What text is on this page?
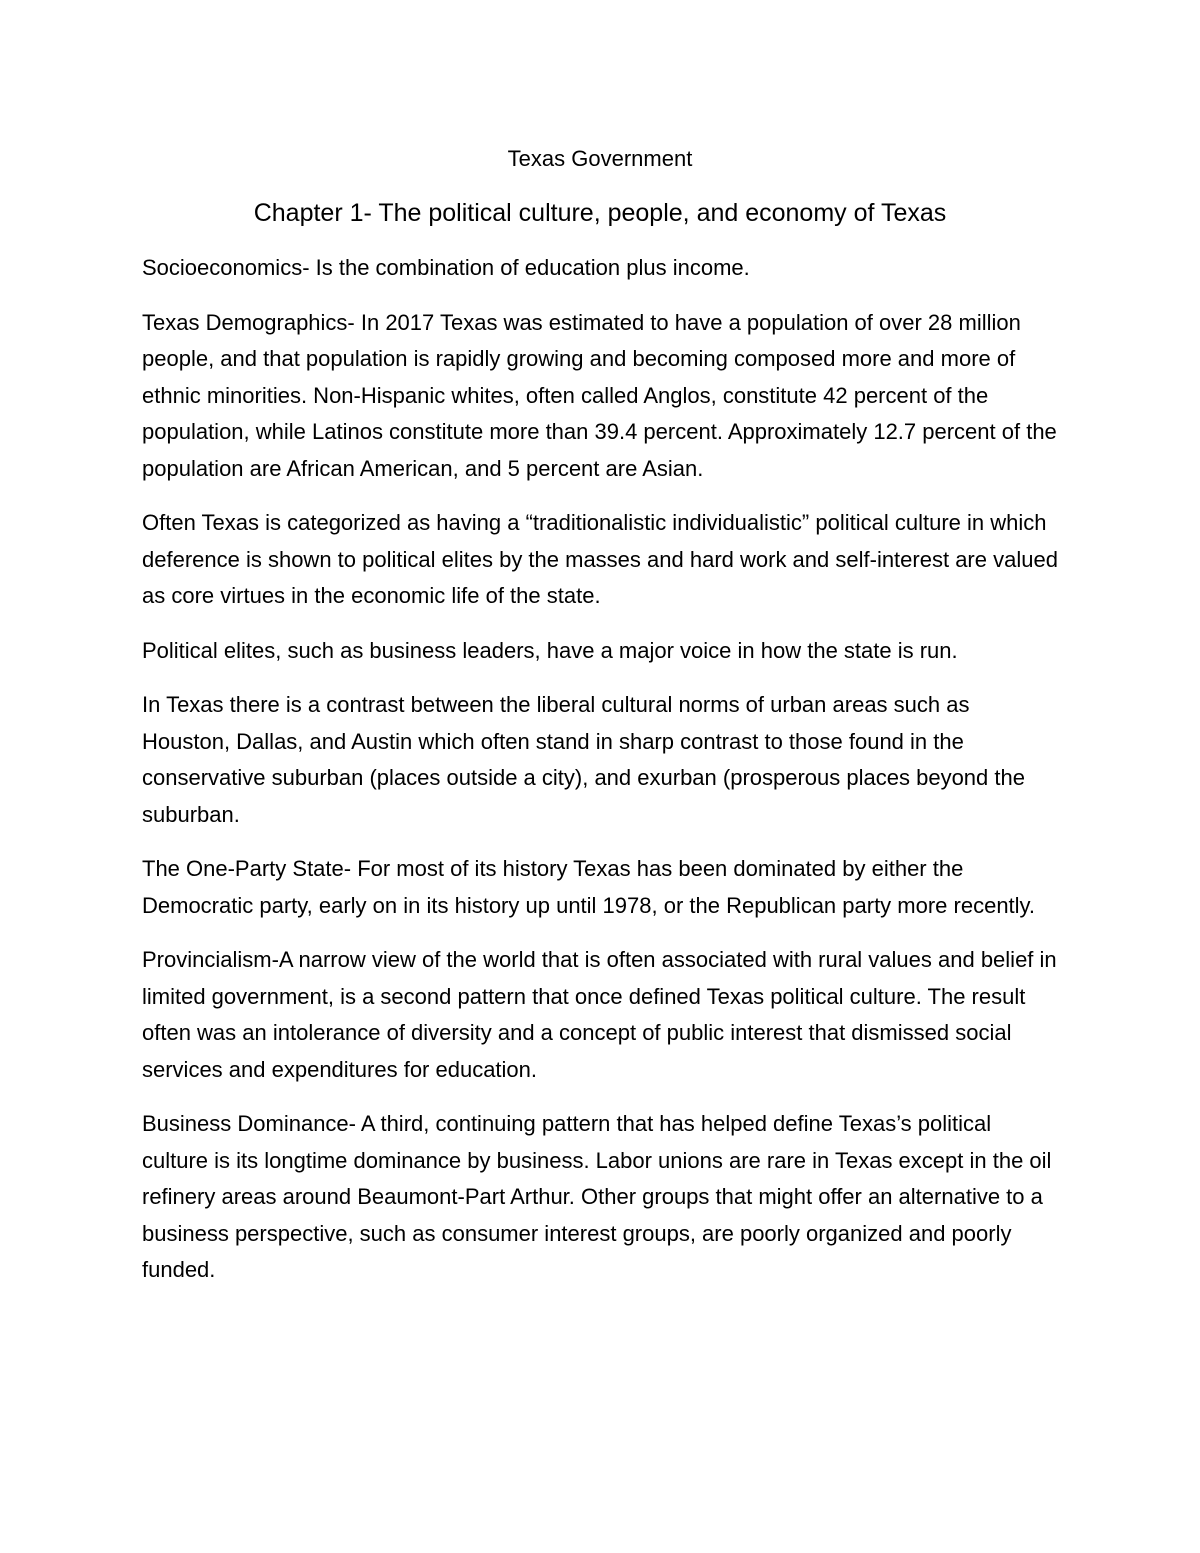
Texas Government
Chapter 1- The political culture, people, and economy of Texas

Socioeconomics- Is the combination of education plus income.

Texas Demographics- In 2017 Texas was estimated to have a population of over 28 million people, and that population is rapidly growing and becoming composed more and more of ethnic minorities. Non-Hispanic whites, often called Anglos, constitute 42 percent of the population, while Latinos constitute more than 39.4 percent. Approximately 12.7 percent of the population are African American, and 5 percent are Asian.

Often Texas is categorized as having a “traditionalistic individualistic” political culture in which deference is shown to political elites by the masses and hard work and self-interest are valued as core virtues in the economic life of the state.

Political elites, such as business leaders, have a major voice in how the state is run.

In Texas there is a contrast between the liberal cultural norms of urban areas such as Houston, Dallas, and Austin which often stand in sharp contrast to those found in the conservative suburban (places outside a city), and exurban (prosperous places beyond the suburban.

The One-Party State- For most of its history Texas has been dominated by either the Democratic party, early on in its history up until 1978, or the Republican party more recently.

Provincialism-A narrow view of the world that is often associated with rural values and belief in limited government, is a second pattern that once defined Texas political culture. The result often was an intolerance of diversity and a concept of public interest that dismissed social services and expenditures for education.

Business Dominance- A third, continuing pattern that has helped define Texas’s political culture is its longtime dominance by business. Labor unions are rare in Texas except in the oil refinery areas around Beaumont-Part Arthur. Other groups that might offer an alternative to a business perspective, such as consumer interest groups, are poorly organized and poorly funded.
